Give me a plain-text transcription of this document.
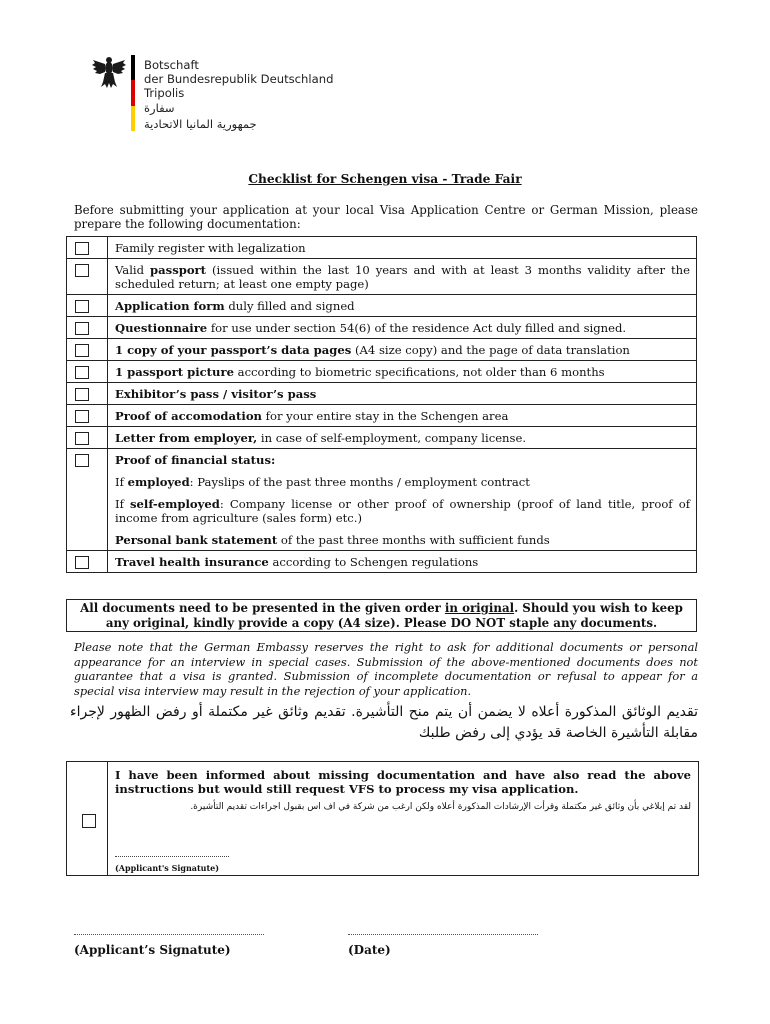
Botschaft
der Bundesrepublik Deutschland
Tripolis
سفارة
جمهورية المانيا الاتحادية
Checklist for Schengen visa - Trade Fair
Before submitting your application at your local Visa Application Centre or German Mission, please prepare the following documentation:
	Family register with legalization

	Valid passport (issued within the last 10 years and with at least 3 months validity after the scheduled return; at least one empty page)

	Application form duly filled and signed

	Questionnaire for use under section 54(6) of the residence Act duly filled and signed.

	1 copy of your passport’s data pages (A4 size copy) and the page of data translation

	1 passport picture according to biometric specifications, not older than 6 months

	Exhibitor’s pass / visitor’s pass

	Proof of accomodation for your entire stay in the Schengen area

	Letter from employer, in case of self-employment, company license.

	Proof of financial status:
If employed: Payslips of the past three months / employment contract
If self-employed: Company license or other proof of ownership (proof of land title, proof of income from agriculture (sales form) etc.)
Personal bank statement of the past three months with sufficient funds

	Travel health insurance according to Schengen regulations
All documents need to be presented in the given order in original. Should you wish to keep any original, kindly provide a copy (A4 size). Please DO NOT staple any documents.
Please note that the German Embassy reserves the right to ask for additional documents or personal appearance for an interview in special cases. Submission of the above-mentioned documents does not guarantee that a visa is granted. Submission of incomplete documentation or refusal to appear for a special visa interview may result in the rejection of your application.
تقديم الوثائق المذكورة أعلاه لا يضمن أن يتم منح التأشيرة. تقديم وثائق غير مكتملة أو رفض الظهور لإجراء مقابلة التأشيرة الخاصة قد يؤدي إلى رفض طلبك
I have been informed about missing documentation and have also read the above instructions but would still request VFS to process my visa application.
لقد تم إبلاغي بأن وثائق غير مكتملة وقرأت الإرشادات المذكورة أعلاه ولكن ارغب من شركة في اف اس بقبول اجراءات تقديم التأشيرة.
(Applicant's Signatute)
(Applicant’s Signatute)	(Date)
